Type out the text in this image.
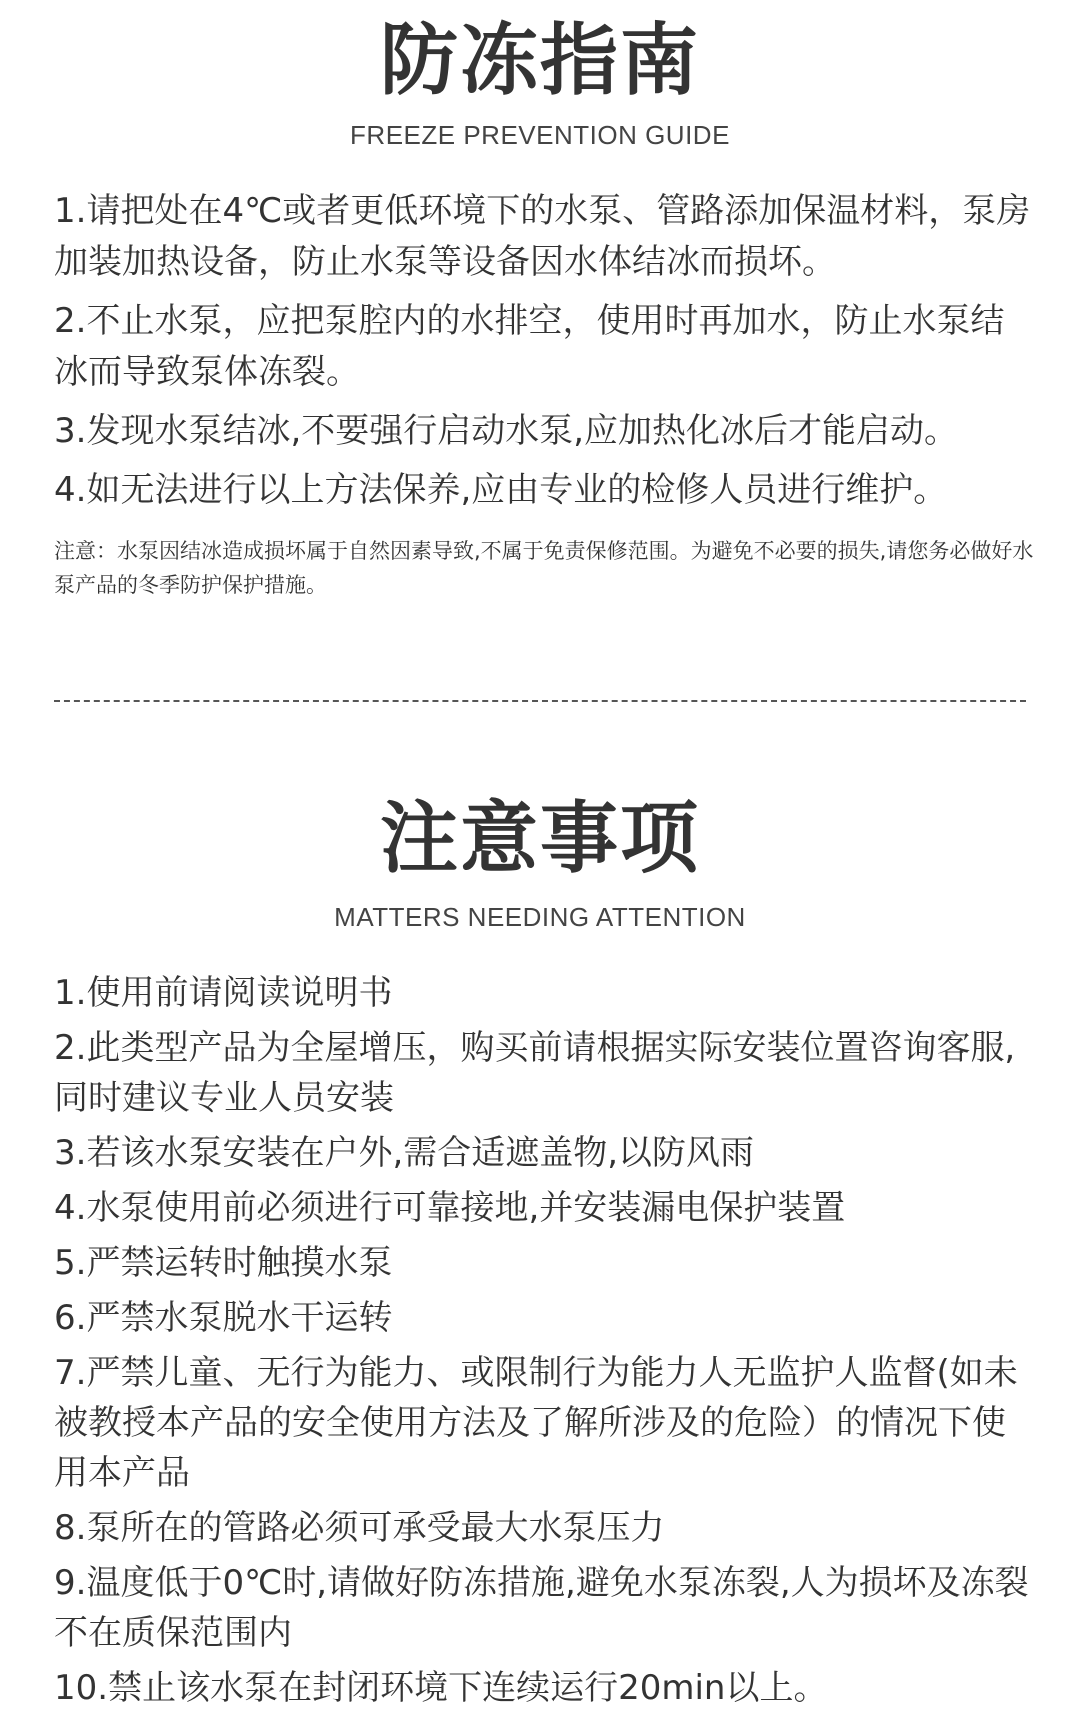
防冻指南
FREEZE PREVENTION GUIDE
1.请把处在4℃或者更低环境下的水泵、管路添加保温材料，泵房加装加热设备，防止水泵等设备因水体结冰而损坏。
2.不止水泵，应把泵腔内的水排空，使用时再加水，防止水泵结冰而导致泵体冻裂。
3.发现水泵结冰,不要强行启动水泵,应加热化冰后才能启动。
4.如无法进行以上方法保养,应由专业的检修人员进行维护。

注意：水泵因结冰造成损坏属于自然因素导致,不属于免责保修范围。为避免不必要的损失,请您务必做好水泵产品的冬季防护保护措施。

注意事项
MATTERS NEEDING ATTENTION
1.使用前请阅读说明书
2.此类型产品为全屋增压，购买前请根据实际安装位置咨询客服,同时建议专业人员安装
3.若该水泵安装在户外,需合适遮盖物,以防风雨
4.水泵使用前必须进行可靠接地,并安装漏电保护装置
5.严禁运转时触摸水泵
6.严禁水泵脱水干运转
7.严禁儿童、无行为能力、或限制行为能力人无监护人监督(如未被教授本产品的安全使用方法及了解所涉及的危险）的情况下使用本产品
8.泵所在的管路必须可承受最大水泵压力
9.温度低于0℃时,请做好防冻措施,避免水泵冻裂,人为损坏及冻裂不在质保范围内
10.禁止该水泵在封闭环境下连续运行20min以上。
